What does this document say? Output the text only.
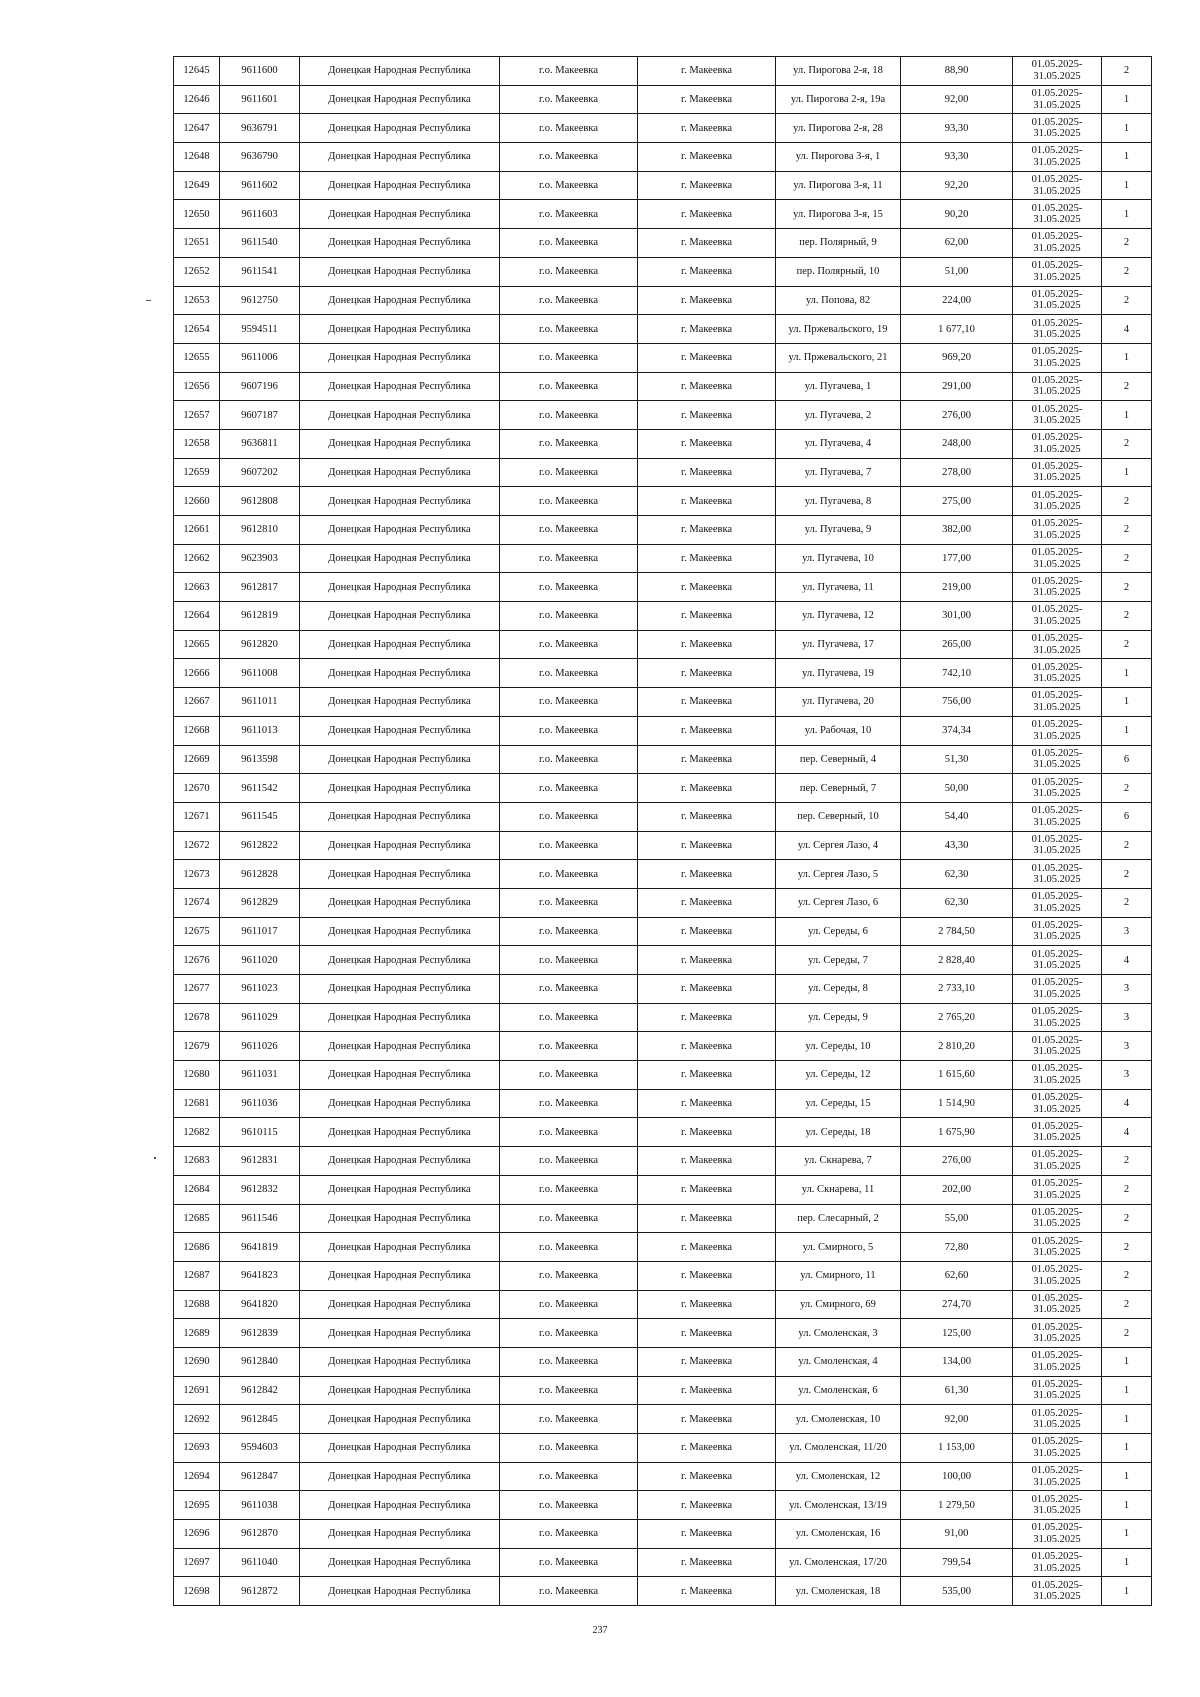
12645	9611600	Донецкая Народная Республика	г.о. Макеевка	г. Макеевка	ул. Пирогова 2-я, 18	88,90	01.05.2025-
31.05.2025	2
12646	9611601	Донецкая Народная Республика	г.о. Макеевка	г. Макеевка	ул. Пирогова 2-я, 19а	92,00	01.05.2025-
31.05.2025	1
12647	9636791	Донецкая Народная Республика	г.о. Макеевка	г. Макеевка	ул. Пирогова 2-я, 28	93,30	01.05.2025-
31.05.2025	1
12648	9636790	Донецкая Народная Республика	г.о. Макеевка	г. Макеевка	ул. Пирогова 3-я, 1	93,30	01.05.2025-
31.05.2025	1
12649	9611602	Донецкая Народная Республика	г.о. Макеевка	г. Макеевка	ул. Пирогова 3-я, 11	92,20	01.05.2025-
31.05.2025	1
12650	9611603	Донецкая Народная Республика	г.о. Макеевка	г. Макеевка	ул. Пирогова 3-я, 15	90,20	01.05.2025-
31.05.2025	1
12651	9611540	Донецкая Народная Республика	г.о. Макеевка	г. Макеевка	пер. Полярный, 9	62,00	01.05.2025-
31.05.2025	2
12652	9611541	Донецкая Народная Республика	г.о. Макеевка	г. Макеевка	пер. Полярный, 10	51,00	01.05.2025-
31.05.2025	2
12653	9612750	Донецкая Народная Республика	г.о. Макеевка	г. Макеевка	ул. Попова, 82	224,00	01.05.2025-
31.05.2025	2
12654	9594511	Донецкая Народная Республика	г.о. Макеевка	г. Макеевка	ул. Пржевальского, 19	1 677,10	01.05.2025-
31.05.2025	4
12655	9611006	Донецкая Народная Республика	г.о. Макеевка	г. Макеевка	ул. Пржевальского, 21	969,20	01.05.2025-
31.05.2025	1
12656	9607196	Донецкая Народная Республика	г.о. Макеевка	г. Макеевка	ул. Пугачева, 1	291,00	01.05.2025-
31.05.2025	2
12657	9607187	Донецкая Народная Республика	г.о. Макеевка	г. Макеевка	ул. Пугачева, 2	276,00	01.05.2025-
31.05.2025	1
12658	9636811	Донецкая Народная Республика	г.о. Макеевка	г. Макеевка	ул. Пугачева, 4	248,00	01.05.2025-
31.05.2025	2
12659	9607202	Донецкая Народная Республика	г.о. Макеевка	г. Макеевка	ул. Пугачева, 7	278,00	01.05.2025-
31.05.2025	1
12660	9612808	Донецкая Народная Республика	г.о. Макеевка	г. Макеевка	ул. Пугачева, 8	275,00	01.05.2025-
31.05.2025	2
12661	9612810	Донецкая Народная Республика	г.о. Макеевка	г. Макеевка	ул. Пугачева, 9	382,00	01.05.2025-
31.05.2025	2
12662	9623903	Донецкая Народная Республика	г.о. Макеевка	г. Макеевка	ул. Пугачева, 10	177,00	01.05.2025-
31.05.2025	2
12663	9612817	Донецкая Народная Республика	г.о. Макеевка	г. Макеевка	ул. Пугачева, 11	219,00	01.05.2025-
31.05.2025	2
12664	9612819	Донецкая Народная Республика	г.о. Макеевка	г. Макеевка	ул. Пугачева, 12	301,00	01.05.2025-
31.05.2025	2
12665	9612820	Донецкая Народная Республика	г.о. Макеевка	г. Макеевка	ул. Пугачева, 17	265,00	01.05.2025-
31.05.2025	2
12666	9611008	Донецкая Народная Республика	г.о. Макеевка	г. Макеевка	ул. Пугачева, 19	742,10	01.05.2025-
31.05.2025	1
12667	9611011	Донецкая Народная Республика	г.о. Макеевка	г. Макеевка	ул. Пугачева, 20	756,00	01.05.2025-
31.05.2025	1
12668	9611013	Донецкая Народная Республика	г.о. Макеевка	г. Макеевка	ул. Рабочая, 10	374,34	01.05.2025-
31.05.2025	1
12669	9613598	Донецкая Народная Республика	г.о. Макеевка	г. Макеевка	пер. Северный, 4	51,30	01.05.2025-
31.05.2025	6
12670	9611542	Донецкая Народная Республика	г.о. Макеевка	г. Макеевка	пер. Северный, 7	50,00	01.05.2025-
31.05.2025	2
12671	9611545	Донецкая Народная Республика	г.о. Макеевка	г. Макеевка	пер. Северный, 10	54,40	01.05.2025-
31.05.2025	6
12672	9612822	Донецкая Народная Республика	г.о. Макеевка	г. Макеевка	ул. Сергея Лазо, 4	43,30	01.05.2025-
31.05.2025	2
12673	9612828	Донецкая Народная Республика	г.о. Макеевка	г. Макеевка	ул. Сергея Лазо, 5	62,30	01.05.2025-
31.05.2025	2
12674	9612829	Донецкая Народная Республика	г.о. Макеевка	г. Макеевка	ул. Сергея Лазо, 6	62,30	01.05.2025-
31.05.2025	2
12675	9611017	Донецкая Народная Республика	г.о. Макеевка	г. Макеевка	ул. Середы, 6	2 784,50	01.05.2025-
31.05.2025	3
12676	9611020	Донецкая Народная Республика	г.о. Макеевка	г. Макеевка	ул. Середы, 7	2 828,40	01.05.2025-
31.05.2025	4
12677	9611023	Донецкая Народная Республика	г.о. Макеевка	г. Макеевка	ул. Середы, 8	2 733,10	01.05.2025-
31.05.2025	3
12678	9611029	Донецкая Народная Республика	г.о. Макеевка	г. Макеевка	ул. Середы, 9	2 765,20	01.05.2025-
31.05.2025	3
12679	9611026	Донецкая Народная Республика	г.о. Макеевка	г. Макеевка	ул. Середы, 10	2 810,20	01.05.2025-
31.05.2025	3
12680	9611031	Донецкая Народная Республика	г.о. Макеевка	г. Макеевка	ул. Середы, 12	1 615,60	01.05.2025-
31.05.2025	3
12681	9611036	Донецкая Народная Республика	г.о. Макеевка	г. Макеевка	ул. Середы, 15	1 514,90	01.05.2025-
31.05.2025	4
12682	9610115	Донецкая Народная Республика	г.о. Макеевка	г. Макеевка	ул. Середы, 18	1 675,90	01.05.2025-
31.05.2025	4
12683	9612831	Донецкая Народная Республика	г.о. Макеевка	г. Макеевка	ул. Скнарева, 7	276,00	01.05.2025-
31.05.2025	2
12684	9612832	Донецкая Народная Республика	г.о. Макеевка	г. Макеевка	ул. Скнарева, 11	202,00	01.05.2025-
31.05.2025	2
12685	9611546	Донецкая Народная Республика	г.о. Макеевка	г. Макеевка	пер. Слесарный, 2	55,00	01.05.2025-
31.05.2025	2
12686	9641819	Донецкая Народная Республика	г.о. Макеевка	г. Макеевка	ул. Смирного, 5	72,80	01.05.2025-
31.05.2025	2
12687	9641823	Донецкая Народная Республика	г.о. Макеевка	г. Макеевка	ул. Смирного, 11	62,60	01.05.2025-
31.05.2025	2
12688	9641820	Донецкая Народная Республика	г.о. Макеевка	г. Макеевка	ул. Смирного, 69	274,70	01.05.2025-
31.05.2025	2
12689	9612839	Донецкая Народная Республика	г.о. Макеевка	г. Макеевка	ул. Смоленская, 3	125,00	01.05.2025-
31.05.2025	2
12690	9612840	Донецкая Народная Республика	г.о. Макеевка	г. Макеевка	ул. Смоленская, 4	134,00	01.05.2025-
31.05.2025	1
12691	9612842	Донецкая Народная Республика	г.о. Макеевка	г. Макеевка	ул. Смоленская, 6	61,30	01.05.2025-
31.05.2025	1
12692	9612845	Донецкая Народная Республика	г.о. Макеевка	г. Макеевка	ул. Смоленская, 10	92,00	01.05.2025-
31.05.2025	1
12693	9594603	Донецкая Народная Республика	г.о. Макеевка	г. Макеевка	ул. Смоленская, 11/20	1 153,00	01.05.2025-
31.05.2025	1
12694	9612847	Донецкая Народная Республика	г.о. Макеевка	г. Макеевка	ул. Смоленская, 12	100,00	01.05.2025-
31.05.2025	1
12695	9611038	Донецкая Народная Республика	г.о. Макеевка	г. Макеевка	ул. Смоленская, 13/19	1 279,50	01.05.2025-
31.05.2025	1
12696	9612870	Донецкая Народная Республика	г.о. Макеевка	г. Макеевка	ул. Смоленская, 16	91,00	01.05.2025-
31.05.2025	1
12697	9611040	Донецкая Народная Республика	г.о. Макеевка	г. Макеевка	ул. Смоленская, 17/20	799,54	01.05.2025-
31.05.2025	1
12698	9612872	Донецкая Народная Республика	г.о. Макеевка	г. Макеевка	ул. Смоленская, 18	535,00	01.05.2025-
31.05.2025	1
237
